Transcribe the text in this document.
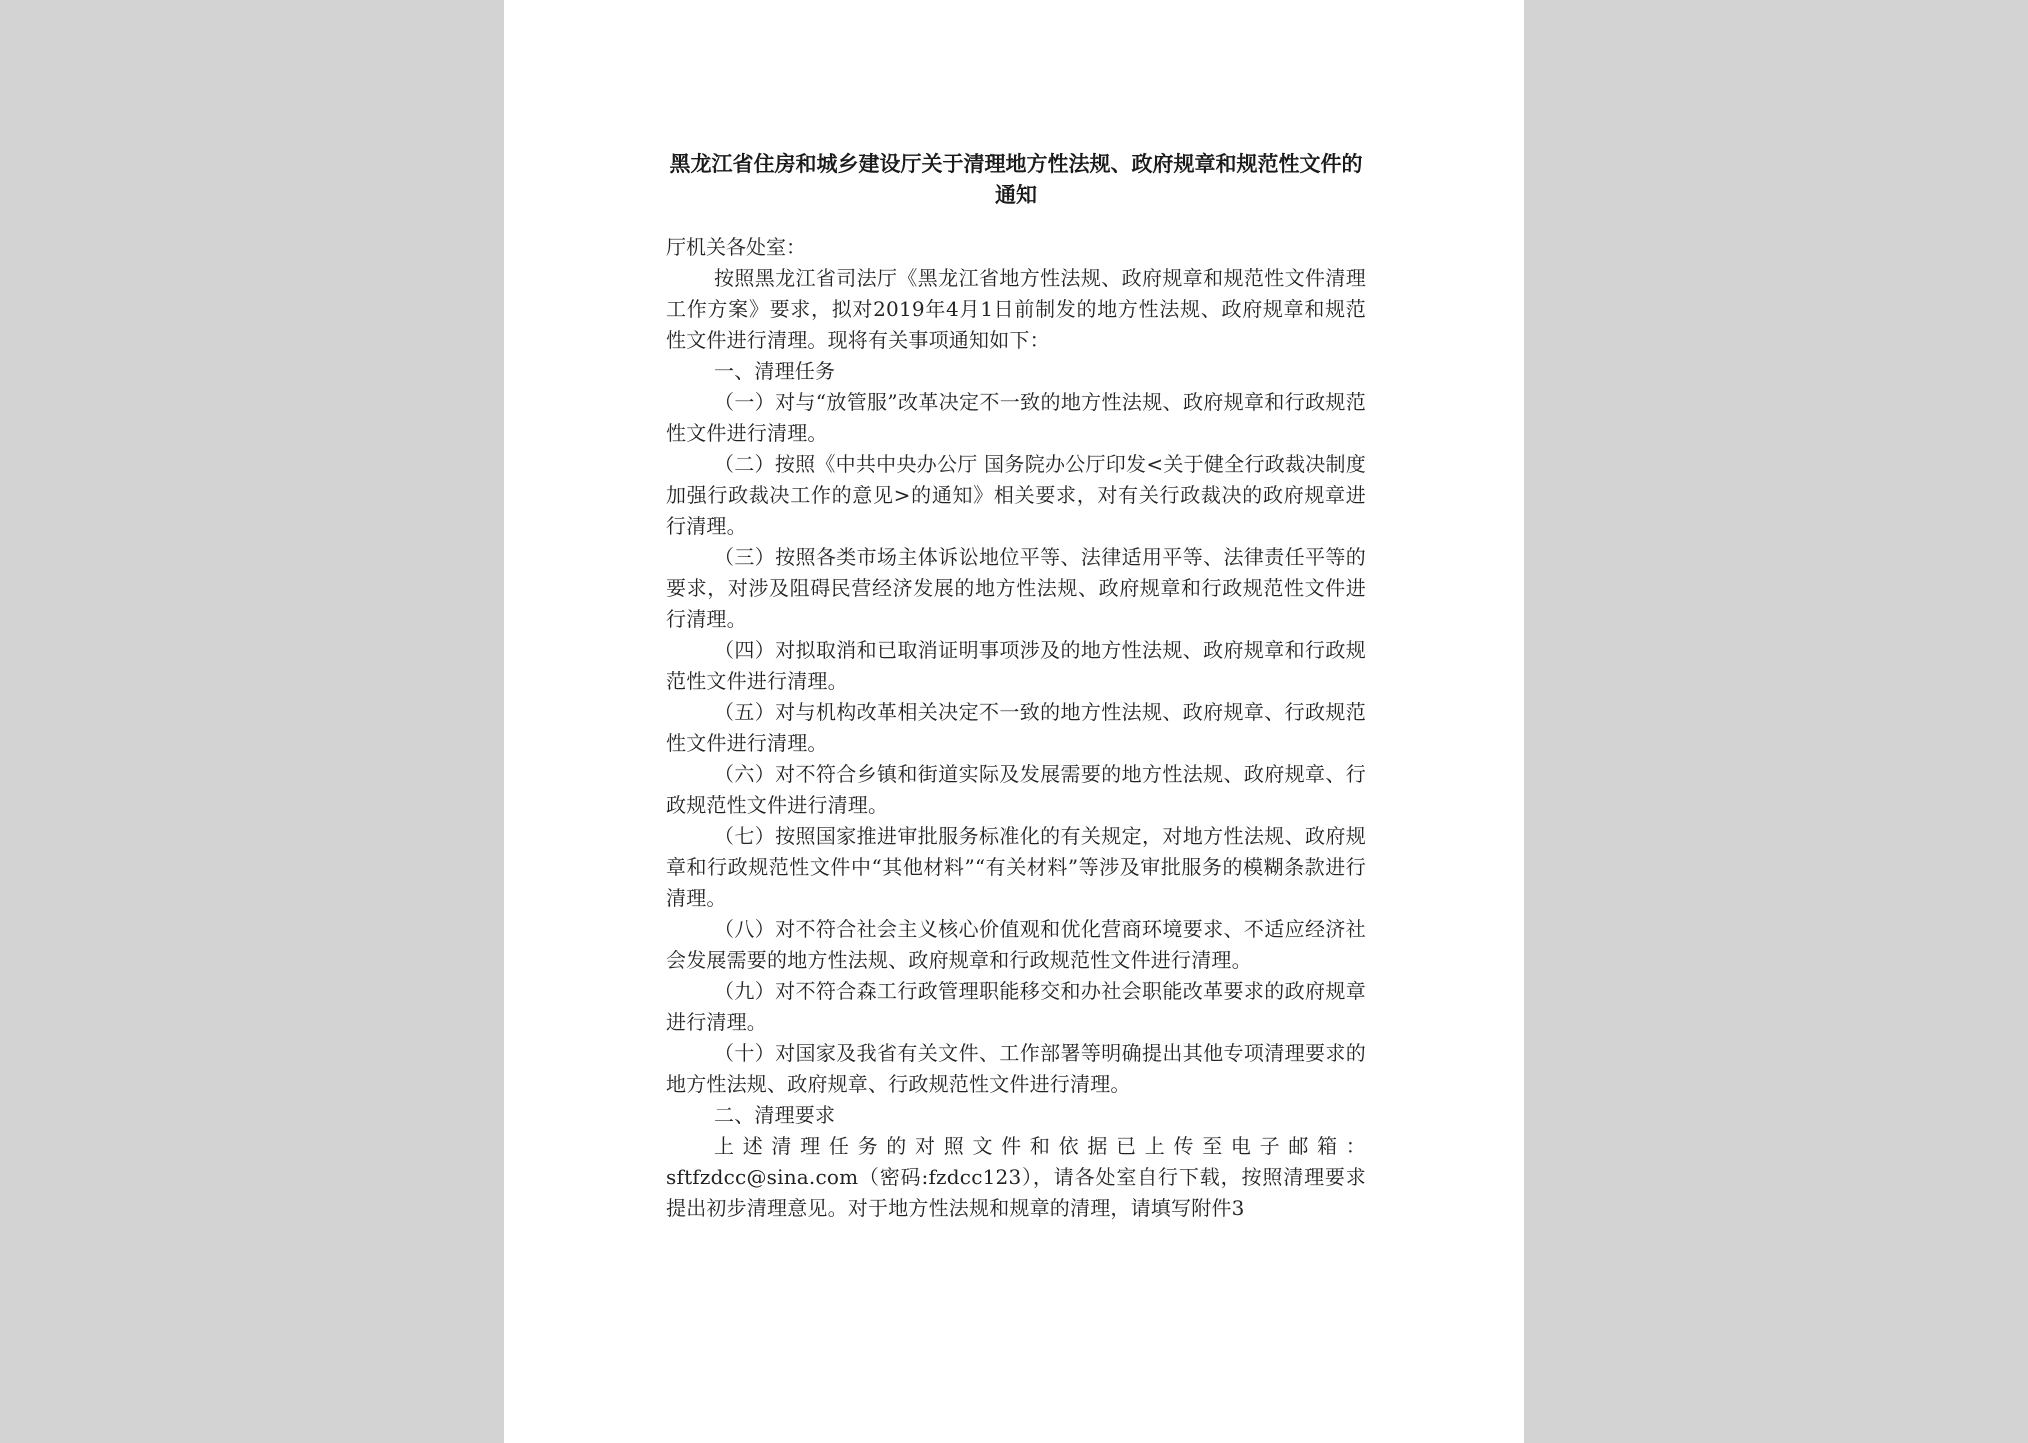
黑龙江省住房和城乡建设厅关于清理地方性法规、政府规章和规范性文件的通知

厅机关各处室：

按照黑龙江省司法厅《黑龙江省地方性法规、政府规章和规范性文件清理工作方案》要求，拟对2019年4月1日前制发的地方性法规、政府规章和规范性文件进行清理。现将有关事项通知如下：

一、清理任务

（一）对与“放管服”改革决定不一致的地方性法规、政府规章和行政规范性文件进行清理。

（二）按照《中共中央办公厅 国务院办公厅印发<关于健全行政裁决制度加强行政裁决工作的意见>的通知》相关要求，对有关行政裁决的政府规章进行清理。

（三）按照各类市场主体诉讼地位平等、法律适用平等、法律责任平等的要求，对涉及阻碍民营经济发展的地方性法规、政府规章和行政规范性文件进行清理。

（四）对拟取消和已取消证明事项涉及的地方性法规、政府规章和行政规范性文件进行清理。

（五）对与机构改革相关决定不一致的地方性法规、政府规章、行政规范性文件进行清理。

（六）对不符合乡镇和街道实际及发展需要的地方性法规、政府规章、行政规范性文件进行清理。

（七）按照国家推进审批服务标准化的有关规定，对地方性法规、政府规章和行政规范性文件中“其他材料”“有关材料”等涉及审批服务的模糊条款进行清理。

（八）对不符合社会主义核心价值观和优化营商环境要求、不适应经济社会发展需要的地方性法规、政府规章和行政规范性文件进行清理。

（九）对不符合森工行政管理职能移交和办社会职能改革要求的政府规章进行清理。

（十）对国家及我省有关文件、工作部署等明确提出其他专项清理要求的地方性法规、政府规章、行政规范性文件进行清理。

二、清理要求

上述清理任务的对照文件和依据已上传至电子邮箱：sftfzdcc@sina.com（密码:fzdcc123），请各处室自行下载，按照清理要求提出初步清理意见。对于地方性法规和规章的清理，请填写附件3
